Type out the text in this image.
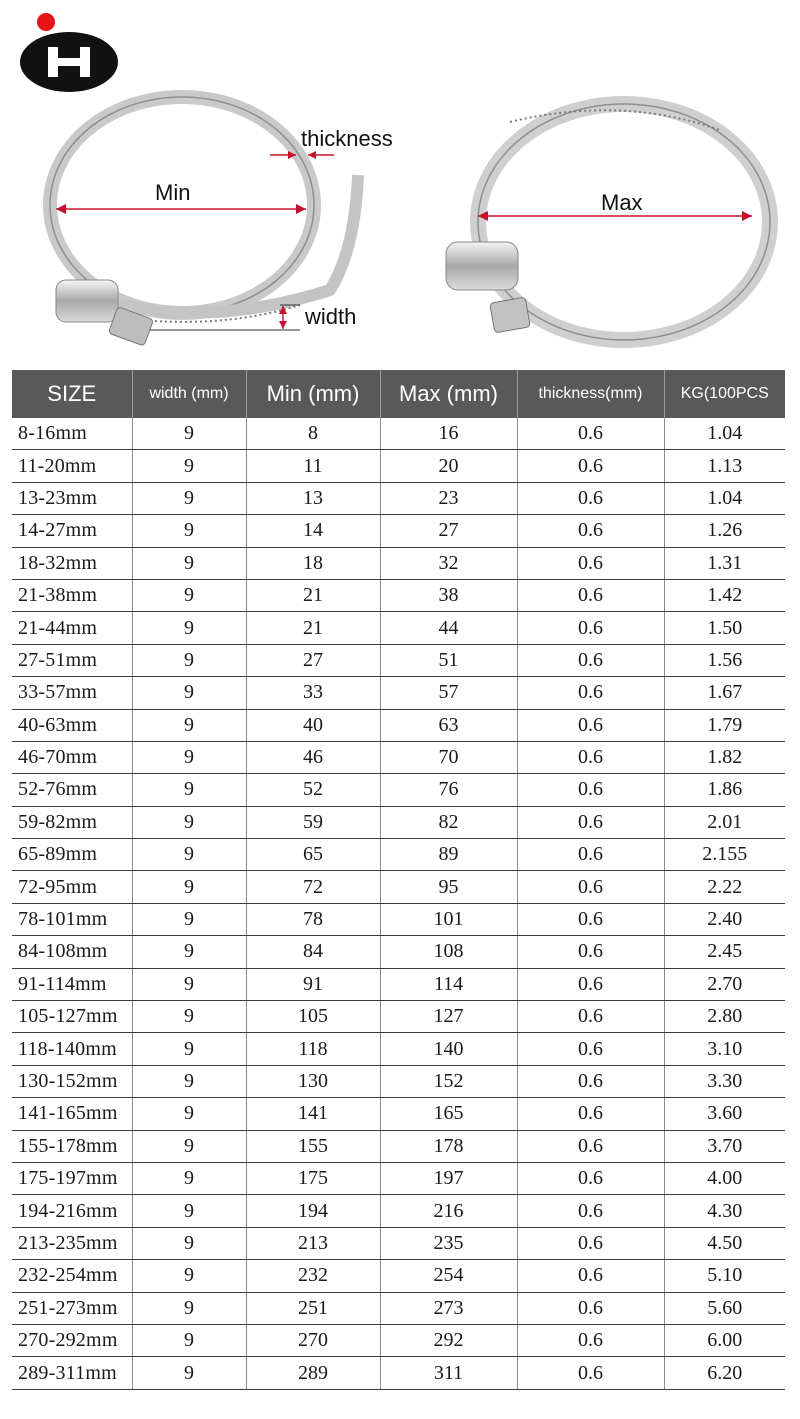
thickness
Min
width
Max
SIZE	width (mm)	Min (mm)	Max (mm)	thickness(mm)	KG(100PCS
8-16mm	9	8	16	0.6	1.04
11-20mm	9	11	20	0.6	1.13
13-23mm	9	13	23	0.6	1.04
14-27mm	9	14	27	0.6	1.26
18-32mm	9	18	32	0.6	1.31
21-38mm	9	21	38	0.6	1.42
21-44mm	9	21	44	0.6	1.50
27-51mm	9	27	51	0.6	1.56
33-57mm	9	33	57	0.6	1.67
40-63mm	9	40	63	0.6	1.79
46-70mm	9	46	70	0.6	1.82
52-76mm	9	52	76	0.6	1.86
59-82mm	9	59	82	0.6	2.01
65-89mm	9	65	89	0.6	2.155
72-95mm	9	72	95	0.6	2.22
78-101mm	9	78	101	0.6	2.40
84-108mm	9	84	108	0.6	2.45
91-114mm	9	91	114	0.6	2.70
105-127mm	9	105	127	0.6	2.80
118-140mm	9	118	140	0.6	3.10
130-152mm	9	130	152	0.6	3.30
141-165mm	9	141	165	0.6	3.60
155-178mm	9	155	178	0.6	3.70
175-197mm	9	175	197	0.6	4.00
194-216mm	9	194	216	0.6	4.30
213-235mm	9	213	235	0.6	4.50
232-254mm	9	232	254	0.6	5.10
251-273mm	9	251	273	0.6	5.60
270-292mm	9	270	292	0.6	6.00
289-311mm	9	289	311	0.6	6.20
